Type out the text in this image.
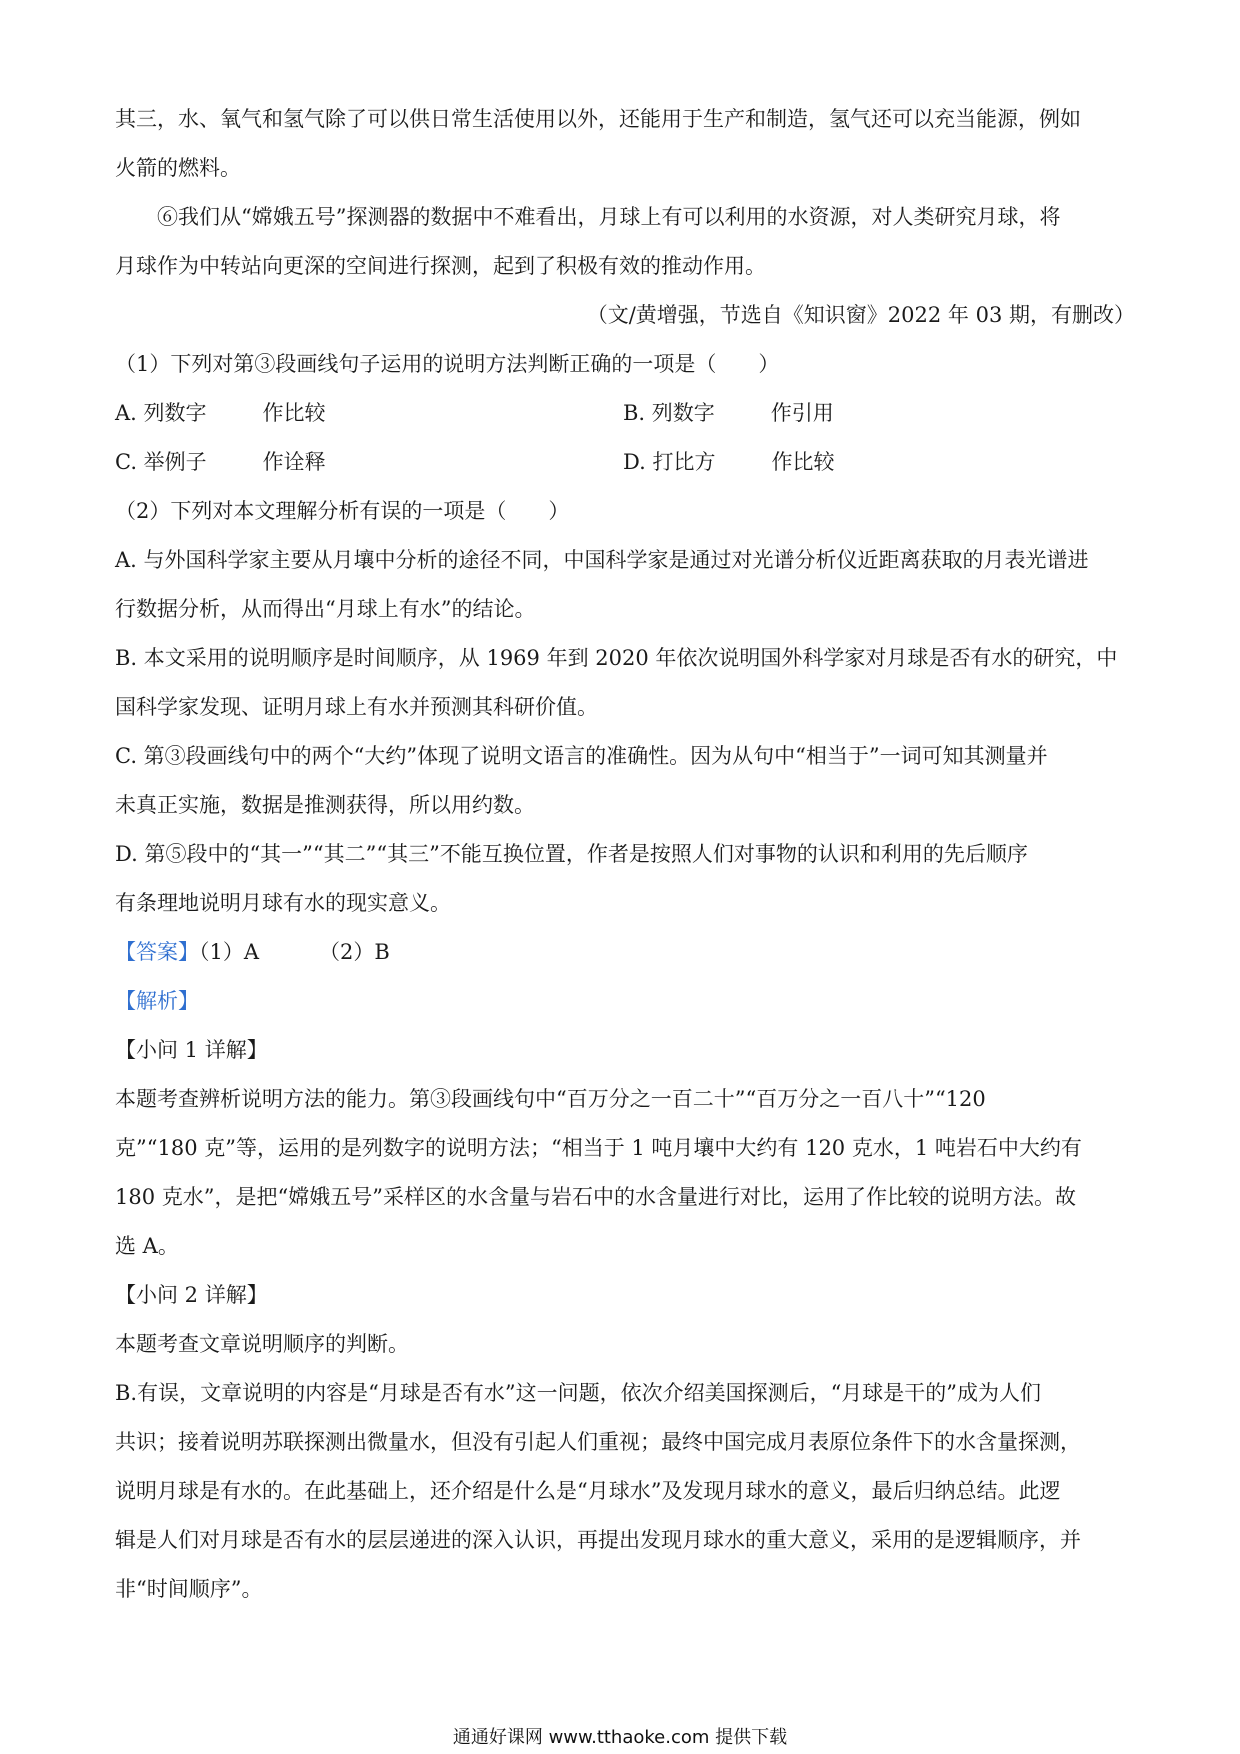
其三，水、氧气和氢气除了可以供日常生活使用以外，还能用于生产和制造，氢气还可以充当能源，例如

火箭的燃料。

⑥我们从“嫦娥五号”探测器的数据中不难看出，月球上有可以利用的水资源，对人类研究月球，将

月球作为中转站向更深的空间进行探测，起到了积极有效的推动作用。

（文/黄增强，节选自《知识窗》2022 年 03 期，有删改）

（1）下列对第③段画线句子运用的说明方法判断正确的一项是（　　）

A. 列数字	作比较	B. 列数字	作引用
C. 举例子	作诠释	D. 打比方	作比较

（2）下列对本文理解分析有误的一项是（　　）

A. 与外国科学家主要从月壤中分析的途径不同，中国科学家是通过对光谱分析仪近距离获取的月表光谱进

行数据分析，从而得出“月球上有水”的结论。

B. 本文采用的说明顺序是时间顺序，从 1969 年到 2020 年依次说明国外科学家对月球是否有水的研究，中

国科学家发现、证明月球上有水并预测其科研价值。

C. 第③段画线句中的两个“大约”体现了说明文语言的准确性。因为从句中“相当于”一词可知其测量并

未真正实施，数据是推测获得，所以用约数。

D. 第⑤段中的“其一”“其二”“其三”不能互换位置，作者是按照人们对事物的认识和利用的先后顺序

有条理地说明月球有水的现实意义。

【答案】（1）A	（2）B

【解析】

【小问 1 详解】

本题考查辨析说明方法的能力。第③段画线句中“百万分之一百二十”“百万分之一百八十”“120

克”“180 克”等，运用的是列数字的说明方法；“相当于 1 吨月壤中大约有 120 克水，1 吨岩石中大约有

180 克水”，是把“嫦娥五号”采样区的水含量与岩石中的水含量进行对比，运用了作比较的说明方法。故

选 A。

【小问 2 详解】

本题考查文章说明顺序的判断。

B.有误，文章说明的内容是“月球是否有水”这一问题，依次介绍美国探测后，“月球是干的”成为人们

共识；接着说明苏联探测出微量水，但没有引起人们重视；最终中国完成月表原位条件下的水含量探测，

说明月球是有水的。在此基础上，还介绍是什么是“月球水”及发现月球水的意义，最后归纳总结。此逻

辑是人们对月球是否有水的层层递进的深入认识，再提出发现月球水的重大意义，采用的是逻辑顺序，并

非“时间顺序”。

通通好课网 www.tthaoke.com 提供下载
